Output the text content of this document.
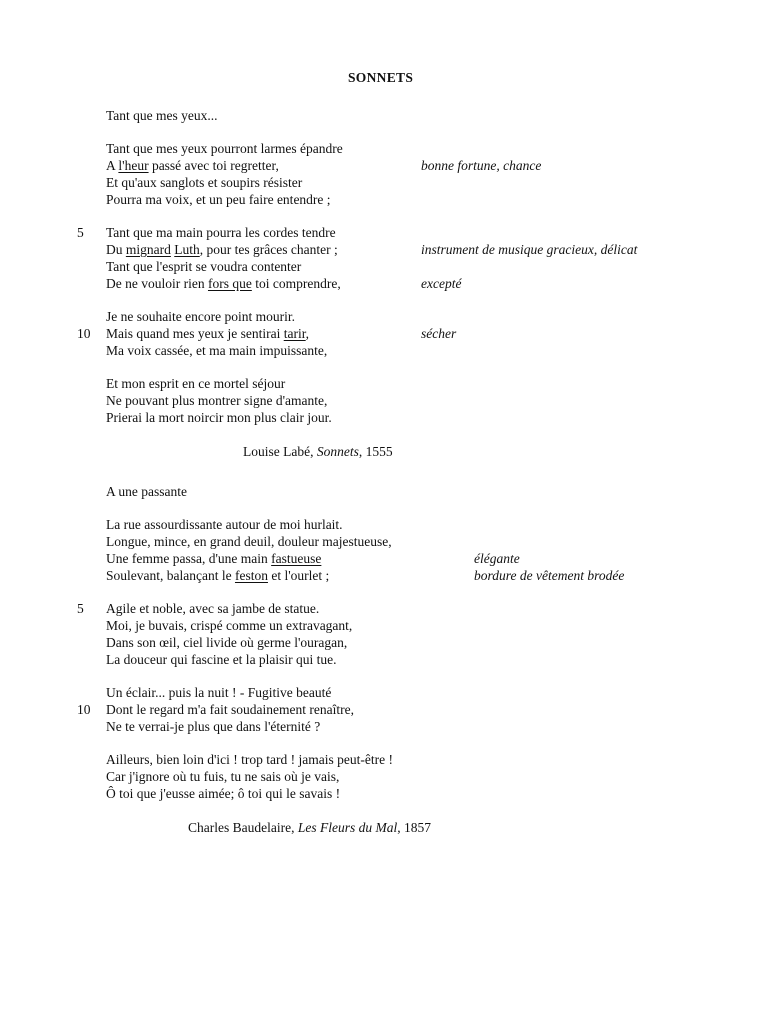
SONNETS
Tant que mes yeux...
Tant que mes yeux pourront larmes épandre
A l'heur passé avec toi regretter,
Et qu'aux sanglots et soupirs résister
Pourra ma voix, et un peu faire entendre ;
5 Tant que ma main pourra les cordes tendre
Du mignard Luth, pour tes grâces chanter ;
Tant que l'esprit se voudra contenter
De ne vouloir rien fors que toi comprendre,
Je ne souhaite encore point mourir.
10 Mais quand mes yeux je sentirai tarir,
Ma voix cassée, et ma main impuissante,
Et mon esprit en ce mortel séjour
Ne pouvant plus montrer signe d'amante,
Prierai la mort noircir mon plus clair jour.
bonne fortune, chance
instrument de musique gracieux, délicat
excepté
sécher
Louise Labé, Sonnets, 1555
A une passante
La rue assourdissante autour de moi hurlait.
Longue, mince, en grand deuil, douleur majestueuse,
Une femme passa, d'une main fastueuse
Soulevant, balançant le feston et l'ourlet ;
5 Agile et noble, avec sa jambe de statue.
Moi, je buvais, crispé comme un extravagant,
Dans son œil, ciel livide où germe l'ouragan,
La douceur qui fascine et la plaisir qui tue.
Un éclair... puis la nuit ! - Fugitive beauté
10 Dont le regard m'a fait soudainement renaître,
Ne te verrai-je plus que dans l'éternité ?
Ailleurs, bien loin d'ici ! trop tard ! jamais peut-être !
Car j'ignore où tu fuis, tu ne sais où je vais,
Ô toi que j'eusse aimée; ô toi qui le savais !
élégante
bordure de vêtement brodée
Charles Baudelaire, Les Fleurs du Mal, 1857
